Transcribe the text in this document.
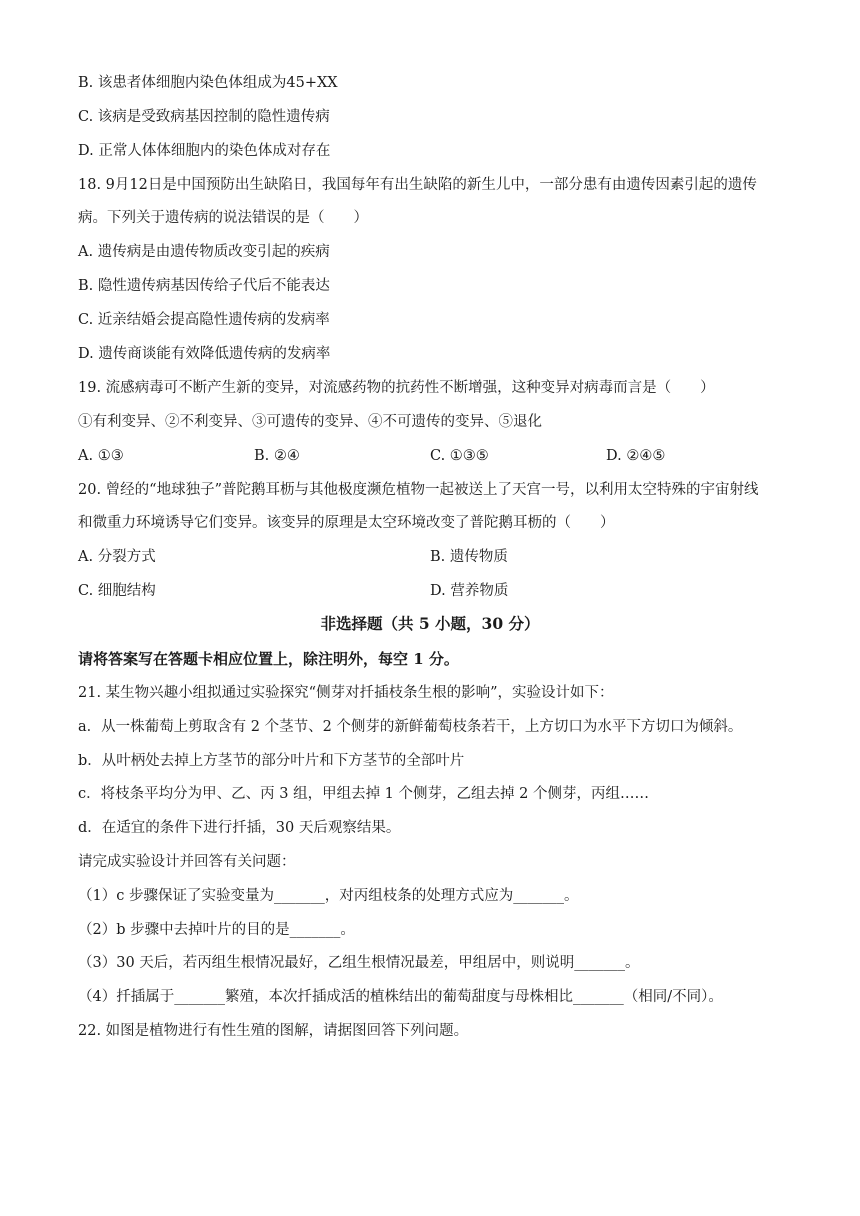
B. 该患者体细胞内染色体组成为45+XX
C. 该病是受致病基因控制的隐性遗传病
D. 正常人体体细胞内的染色体成对存在
18. 9月12日是中国预防出生缺陷日，我国每年有出生缺陷的新生儿中，一部分患有由遗传因素引起的遗传
病。下列关于遗传病的说法错误的是（　　）
A. 遗传病是由遗传物质改变引起的疾病
B. 隐性遗传病基因传给子代后不能表达
C. 近亲结婚会提高隐性遗传病的发病率
D. 遗传商谈能有效降低遗传病的发病率
19. 流感病毒可不断产生新的变异，对流感药物的抗药性不断增强，这种变异对病毒而言是（　　）
①有利变异、②不利变异、③可遗传的变异、④不可遗传的变异、⑤退化
A. ①③	B. ②④	C. ①③⑤	D. ②④⑤
20. 曾经的“地球独子”普陀鹅耳枥与其他极度濒危植物一起被送上了天宫一号，以利用太空特殊的宇宙射线
和微重力环境诱导它们变异。该变异的原理是太空环境改变了普陀鹅耳枥的（　　）
A. 分裂方式	B. 遗传物质
C. 细胞结构	D. 营养物质
非选择题（共 5 小题，30 分）
请将答案写在答题卡相应位置上，除注明外，每空 1 分。
21. 某生物兴趣小组拟通过实验探究“侧芽对扦插枝条生根的影响”，实验设计如下：
a．从一株葡萄上剪取含有 2 个茎节、2 个侧芽的新鲜葡萄枝条若干，上方切口为水平下方切口为倾斜。
b．从叶柄处去掉上方茎节的部分叶片和下方茎节的全部叶片
c．将枝条平均分为甲、乙、丙 3 组，甲组去掉 1 个侧芽，乙组去掉 2 个侧芽，丙组……
d．在适宜的条件下进行扦插，30 天后观察结果。
请完成实验设计并回答有关问题：
（1）c 步骤保证了实验变量为_______，对丙组枝条的处理方式应为_______。
（2）b 步骤中去掉叶片的目的是_______。
（3）30 天后，若丙组生根情况最好，乙组生根情况最差，甲组居中，则说明_______。
（4）扦插属于_______繁殖，本次扦插成活的植株结出的葡萄甜度与母株相比_______（相同/不同）。
22. 如图是植物进行有性生殖的图解，请据图回答下列问题。
